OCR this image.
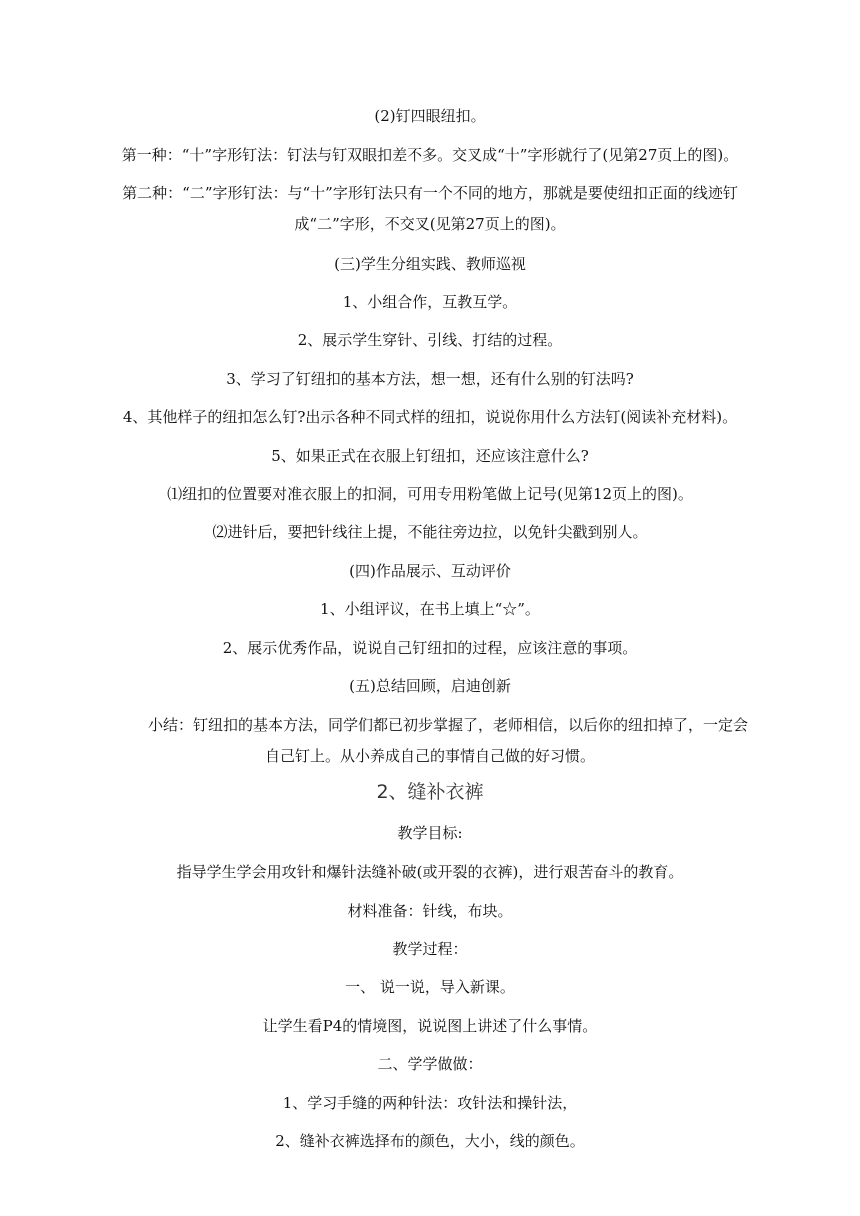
(2)钉四眼纽扣。
第一种：“十”字形钉法：钉法与钉双眼扣差不多。交叉成“十”字形就行了(见第27页上的图)。
第二种：“二”字形钉法：与“十”字形钉法只有一个不同的地方，那就是要使纽扣正面的线迹钉
成“二”字形，不交叉(见第27页上的图)。
(三)学生分组实践、教师巡视
1、小组合作，互教互学。
2、展示学生穿针、引线、打结的过程。
3、学习了钉纽扣的基本方法，想一想，还有什么别的钉法吗?
4、其他样子的纽扣怎么钉?出示各种不同式样的纽扣，说说你用什么方法钉(阅读补充材料)。
5、如果正式在衣服上钉纽扣，还应该注意什么?
⑴纽扣的位置要对准衣服上的扣洞，可用专用粉笔做上记号(见第12页上的图)。
⑵进针后，要把针线往上提，不能往旁边拉，以免针尖戳到别人。
(四)作品展示、互动评价
1、小组评议，在书上填上“☆”。
2、展示优秀作品，说说自己钉纽扣的过程，应该注意的事项。
(五)总结回顾，启迪创新
小结：钉纽扣的基本方法，同学们都已初步掌握了，老师相信，以后你的纽扣掉了，一定会
自己钉上。从小养成自己的事情自己做的好习惯。
2、缝补衣裤
教学目标:
指导学生学会用攻针和爆针法缝补破(或开裂的衣裤)，进行艰苦奋斗的教育。
材料准备：针线，布块。
教学过程：
一、 说一说，导入新课。
让学生看P4的情境图，说说图上讲述了什么事情。
二、学学做做：
1、学习手缝的两种针法：攻针法和操针法，
2、缝补衣裤选择布的颜色，大小，线的颜色。
